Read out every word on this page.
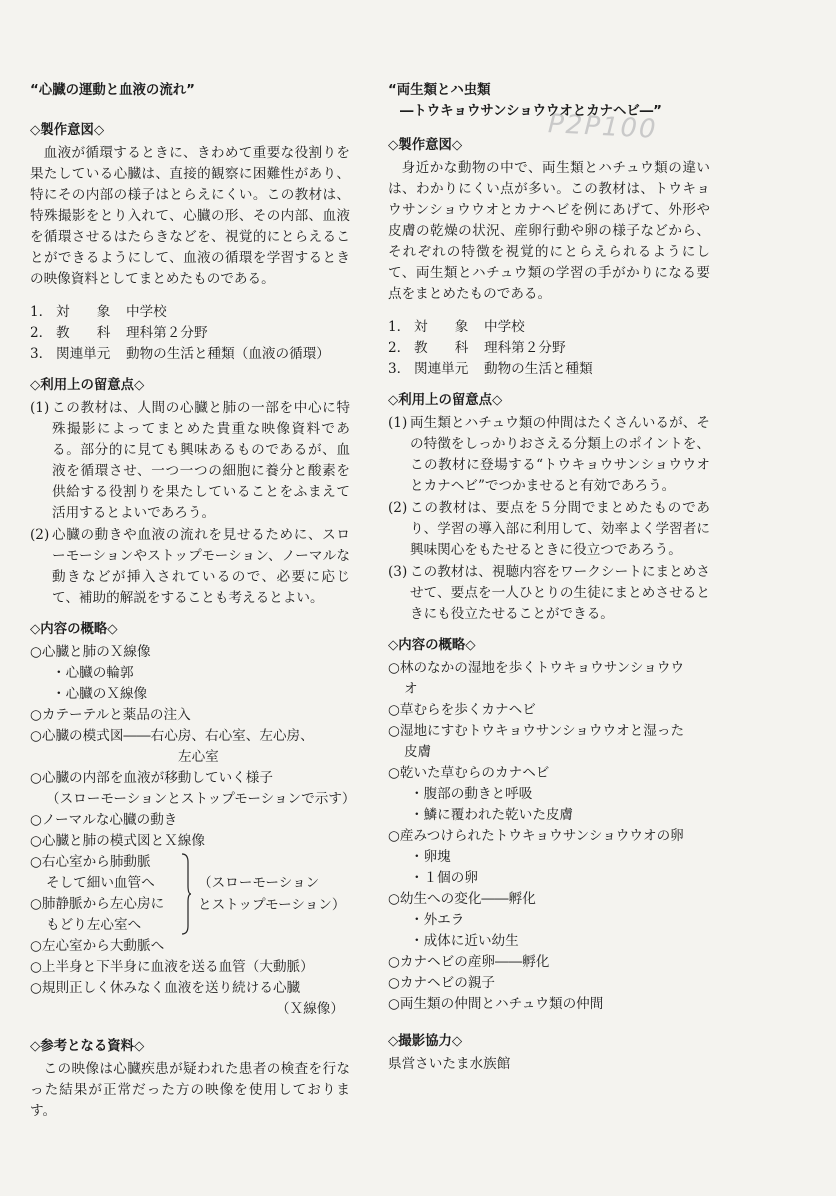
P2P100
“心臓の運動と血液の流れ”
◇製作意図◇
血液が循環するときに、きわめて重要な役割りを果たしている心臓は、直接的観察に困難性があり、特にその内部の様子はとらえにくい。この教材は、特殊撮影をとり入れて、心臓の形、その内部、血液を循環させるはたらきなどを、視覚的にとらえることができるようにして、血液の循環を学習するときの映像資料としてまとめたものである。
1． 対　　象	中学校
2． 教　　科	理科第２分野
3． 関連単元	動物の生活と種類（血液の循環）
◇利用上の留意点◇
(1) この教材は、人間の心臓と肺の一部を中心に特殊撮影によってまとめた貴重な映像資料である。部分的に見ても興味あるものであるが、血液を循環させ、一つ一つの細胞に養分と酸素を供給する役割りを果たしていることをふまえて活用するとよいであろう。
(2) 心臓の動きや血液の流れを見せるために、スローモーションやストップモーション、ノーマルな動きなどが挿入されているので、必要に応じて、補助的解説をすることも考えるとよい。
◇内容の概略◇
○心臓と肺のＸ線像
・心臓の輪郭
・心臓のＸ線像
○カテーテルと薬品の注入
○心臓の模式図――右心房、右心室、左心房、
左心室
○心臓の内部を血液が移動していく様子
（スローモーションとストップモーションで示す）
○ノーマルな心臓の動き
○心臓と肺の模式図とＸ線像
○右心室から肺動脈
そして細い血管へ
○肺静脈から左心房に
もどり左心室へ
（スローモーション
とストップモーション）
○左心室から大動脈へ
○上半身と下半身に血液を送る血管（大動脈）
○規則正しく休みなく血液を送り続ける心臓
（Ｘ線像）
◇参考となる資料◇
この映像は心臓疾患が疑われた患者の検査を行なった結果が正常だった方の映像を使用しております。
“両生類とハ虫類
―トウキョウサンショウウオとカナヘビ―”
◇製作意図◇
身近かな動物の中で、両生類とハチュウ類の違いは、わかりにくい点が多い。この教材は、トウキョウサンショウウオとカナヘビを例にあげて、外形や皮膚の乾燥の状況、産卵行動や卵の様子などから、それぞれの特徴を視覚的にとらえられるようにして、両生類とハチュウ類の学習の手がかりになる要点をまとめたものである。
1． 対　　象	中学校
2． 教　　科	理科第２分野
3． 関連単元	動物の生活と種類
◇利用上の留意点◇
(1) 両生類とハチュウ類の仲間はたくさんいるが、その特徴をしっかりおさえる分類上のポイントを、この教材に登場する“トウキョウサンショウウオとカナヘビ”でつかませると有効であろう。
(2) この教材は、要点を５分間でまとめたものであり、学習の導入部に利用して、効率よく学習者に興味関心をもたせるときに役立つであろう。
(3) この教材は、視聴内容をワークシートにまとめさせて、要点を一人ひとりの生徒にまとめさせるときにも役立たせることができる。
◇内容の概略◇
○林のなかの湿地を歩くトウキョウサンショウウ
オ
○草むらを歩くカナヘビ
○湿地にすむトウキョウサンショウウオと湿った
皮膚
○乾いた草むらのカナヘビ
・腹部の動きと呼吸
・鱗に覆われた乾いた皮膚
○産みつけられたトウキョウサンショウウオの卵
・卵塊
・１個の卵
○幼生への変化――孵化
・外エラ
・成体に近い幼生
○カナヘビの産卵――孵化
○カナヘビの親子
○両生類の仲間とハチュウ類の仲間
◇撮影協力◇
県営さいたま水族館
